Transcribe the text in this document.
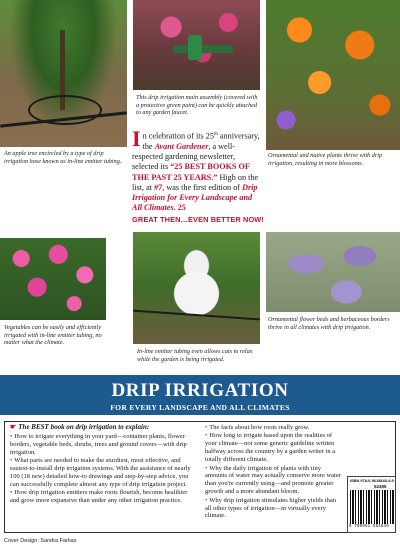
An apple tree encircled by a type of drip irrigation hose known as in-line emitter tubing.
This drip irrigation main assembly (covered with a protective green paint) can be quickly attached to any garden faucet.
Ornamental and native plants thrive with drip irrigation, resulting in more blossoms.
Vegetables can be easily and efficiently irrigated with in-line emitter tubing, no matter what the climate.
In-line emitter tubing even allows cats to relax while the garden is being irrigated.
Ornamental flower beds and herbaceous borders thrive in all climates with drip irrigation.
In celebration of its 25th anniversary, the Avant Gardener, a well-respected gardening newsletter, selected its “25 BEST BOOKS OF THE PAST 25 YEARS.” High on the list, at #7, was the first edition of Drip Irrigation for Every Landscape and All Climates. 25
GREAT THEN…EVEN BETTER NOW!
DRIP IRRIGATION
FOR EVERY LANDSCAPE AND ALL CLIMATES
☛ The BEST book on drip irrigation to explain:
• How to irrigate everything in your yard—container plants, flower borders, vegetable beds, shrubs, trees and ground covers—with drip irrigation.
• What parts are needed to make the sturdiest, most effective, and easiest-to-install drip irrigation systems. With the assistance of nearly 100 (18 new) detailed how-to drawings and step-by-step advice, you can successfully complete almost any type of drip irrigation project.
• How drip irrigation emitters make roots flourish, become healthier and grow more expansive than under any other irrigation practice.
• The facts about how roots really grow.
• How long to irrigate based upon the realities of your climate—not some generic guideline written halfway across the country by a garden writer in a totally different climate.
• Why the daily irrigation of plants with tiny amounts of water may actually conserve more water than you're currently using—and promote greater growth and a more abundant bloom.
• Why drip irrigation stimulates higher yields than all other types of irrigation—in virtually every climate.
ISBN 978-0-9615848-4-9
52495
9 780961 584849
Cover Design: Sandra Farkas
